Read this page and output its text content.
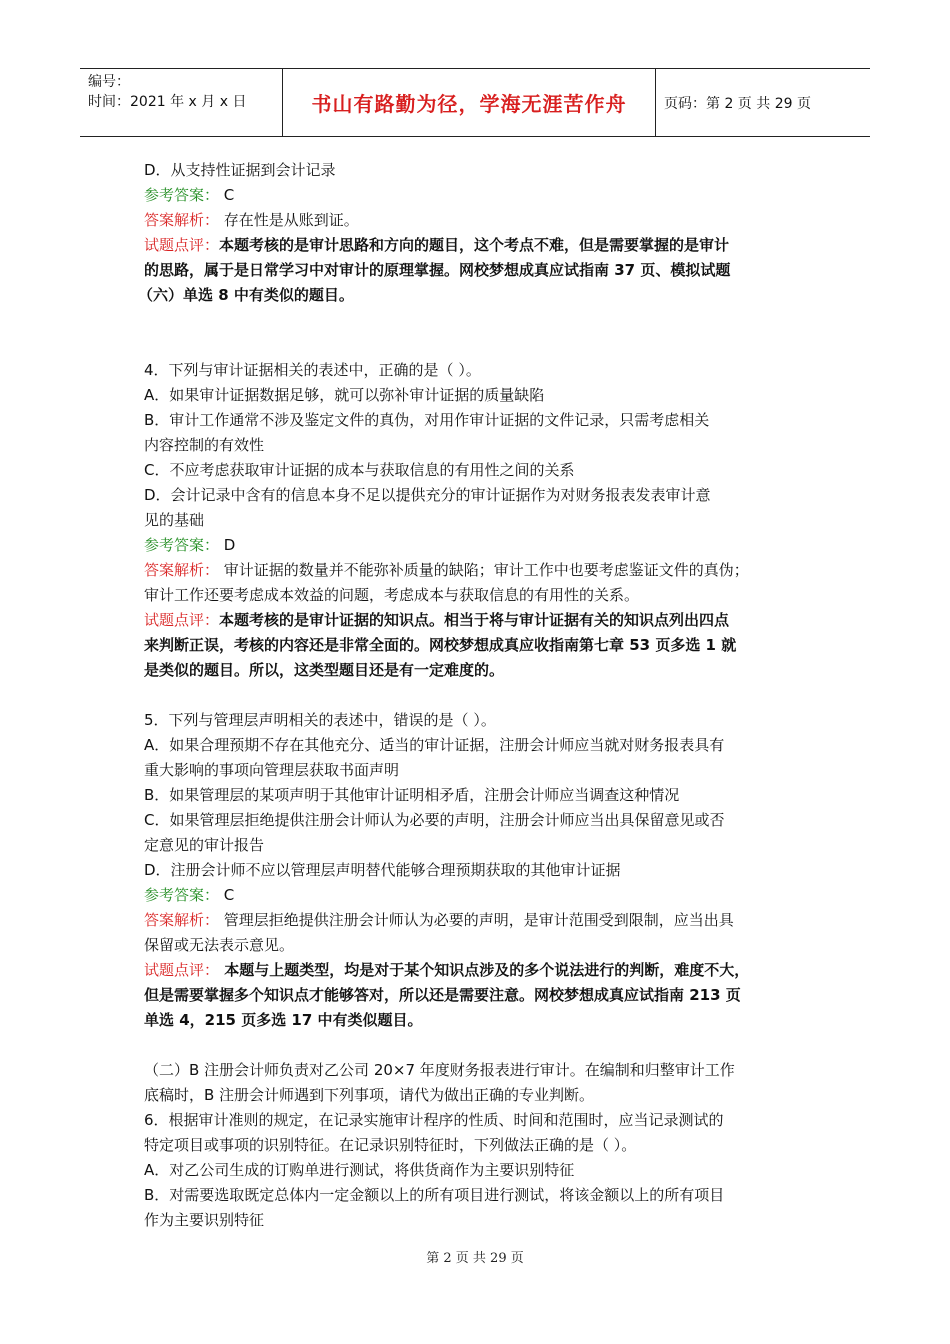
编号：
时间：2021 年 x 月 x 日	书山有路勤为径，学海无涯苦作舟	页码：第 2 页 共 29 页
D．从支持性证据到会计记录
参考答案： C
答案解析： 存在性是从账到证。
试题点评：本题考核的是审计思路和方向的题目，这个考点不难，但是需要掌握的是审计
的思路，属于是日常学习中对审计的原理掌握。网校梦想成真应试指南 37 页、模拟试题
（六）单选 8 中有类似的题目。
4．下列与审计证据相关的表述中，正确的是（ ）。
A．如果审计证据数据足够，就可以弥补审计证据的质量缺陷
B．审计工作通常不涉及鉴定文件的真伪，对用作审计证据的文件记录，只需考虑相关
内容控制的有效性
C．不应考虑获取审计证据的成本与获取信息的有用性之间的关系
D．会计记录中含有的信息本身不足以提供充分的审计证据作为对财务报表发表审计意
见的基础
参考答案： D
答案解析： 审计证据的数量并不能弥补质量的缺陷；审计工作中也要考虑鉴证文件的真伪；
审计工作还要考虑成本效益的问题，考虑成本与获取信息的有用性的关系。
试题点评：本题考核的是审计证据的知识点。相当于将与审计证据有关的知识点列出四点
来判断正误，考核的内容还是非常全面的。网校梦想成真应收指南第七章 53 页多选 1 就
是类似的题目。所以，这类型题目还是有一定难度的。
5．下列与管理层声明相关的表述中，错误的是（ ）。
A．如果合理预期不存在其他充分、适当的审计证据，注册会计师应当就对财务报表具有
重大影响的事项向管理层获取书面声明
B．如果管理层的某项声明于其他审计证明相矛盾，注册会计师应当调查这种情况
C．如果管理层拒绝提供注册会计师认为必要的声明，注册会计师应当出具保留意见或否
定意见的审计报告
D．注册会计师不应以管理层声明替代能够合理预期获取的其他审计证据
参考答案： C
答案解析： 管理层拒绝提供注册会计师认为必要的声明，是审计范围受到限制，应当出具
保留或无法表示意见。
试题点评： 本题与上题类型，均是对于某个知识点涉及的多个说法进行的判断，难度不大，
但是需要掌握多个知识点才能够答对，所以还是需要注意。网校梦想成真应试指南 213 页
单选 4，215 页多选 17 中有类似题目。
（二）B 注册会计师负责对乙公司 20×7 年度财务报表进行审计。在编制和归整审计工作
底稿时，B 注册会计师遇到下列事项，请代为做出正确的专业判断。
6．根据审计准则的规定，在记录实施审计程序的性质、时间和范围时，应当记录测试的
特定项目或事项的识别特征。在记录识别特征时，下列做法正确的是（ ）。
A．对乙公司生成的订购单进行测试，将供货商作为主要识别特征
B．对需要选取既定总体内一定金额以上的所有项目进行测试，将该金额以上的所有项目
作为主要识别特征
第 2 页 共 29 页
